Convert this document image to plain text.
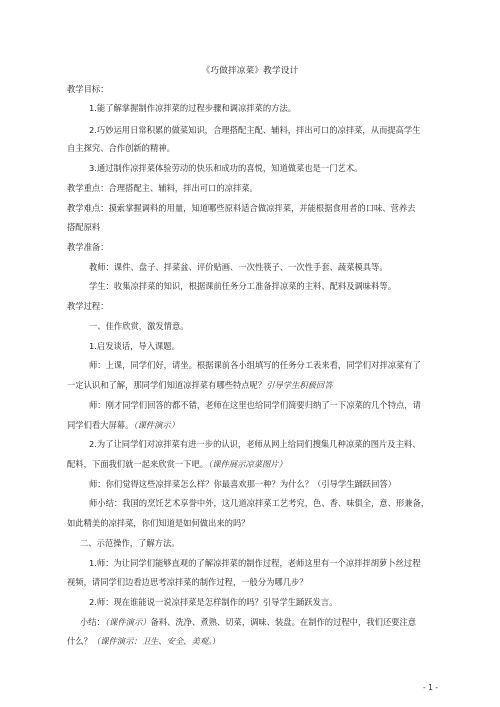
《巧做拌凉菜》教学设计
教学目标：
1.能了解掌握制作凉拌菜的过程步骤和调凉拌菜的方法。
2.巧妙运用日常积累的做菜知识，合理搭配主配、辅料，拌出可口的凉拌菜，从而提高学生
自主探究、合作创新的精神。
3.通过制作凉拌菜体验劳动的快乐和成功的喜悦，知道做菜也是一门艺术。
教学重点：合理搭配主、辅料，拌出可口的凉拌菜。
教学难点：摸索掌握调料的用量，知道哪些原料适合做凉拌菜，并能根据食用者的口味、营养去
搭配原料
教学准备：
教师：课件、盘子、拌菜盆、评价贴画、一次性筷子、一次性手套、蔬菜模具等。
学生：收集凉拌菜的知识，根据课前任务分工准备拌凉菜的主料、配料及调味料等。
教学过程：
一、佳作欣赏，激发情意。
1.启发谈话，导入课题。
师：上课，同学们好，请坐。根据课前各小组填写的任务分工表来看，同学们对拌凉菜有了
一定认识和了解，那同学们知道凉拌菜有哪些特点呢？引导学生积极回答
师：刚才同学们回答的都不错，老师在这里也给同学们简要归纳了一下凉菜的几个特点，请
同学们看大屏幕。（课件演示）
2.为了让同学们对凉拌菜有进一步的认识，老师从网上给同们搜集几种凉菜的图片及主料、
配料，下面我们就一起来欣赏一下吧。（课件展示凉菜图片）
师：你们觉得这些凉拌菜怎么样？你最喜欢那一种？为什么？（引导学生踊跃回答）
师小结：我国的烹饪艺术享誉中外，这几道凉拌菜工艺考究，色、香、味俱全，意、形兼备，
如此精美的凉拌菜，你们知道是如何做出来的吗？
二、示范操作，了解方法。
1.师：为让同学们能够直观的了解凉拌菜的制作过程，老师这里有一个凉拌拌胡萝卜丝过程
视频，请同学们边看边思考凉拌菜的制作过程，一般分为哪几步？
2.师：现在谁能说一说凉拌菜是怎样制作的吗？引导学生踊跃发言。
小结：（课件演示）备料、洗净、煮熟、切菜，调味、装盘。在制作的过程中，我们还要注意
什么？（课件演示：卫生、安全、美观。）
- 1 -
